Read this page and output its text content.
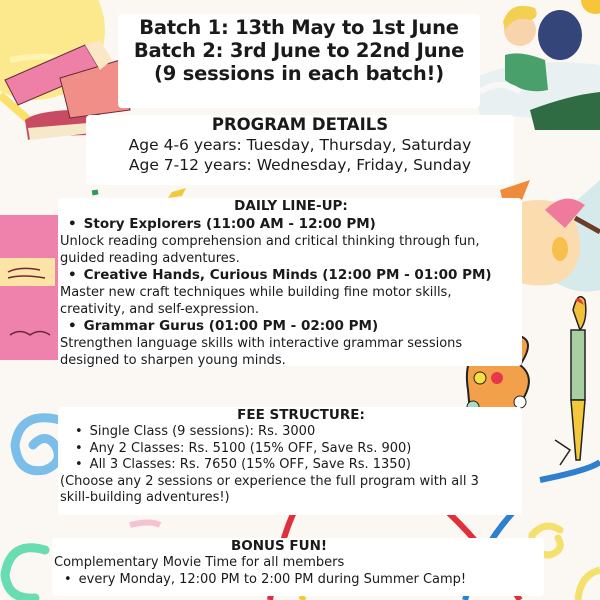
Batch 1: 13th May to 1st June
Batch 2: 3rd June to 22nd June
(9 sessions in each batch!)
PROGRAM DETAILS
Age 4-6 years: Tuesday, Thursday, Saturday
Age 7-12 years: Wednesday, Friday, Sunday
DAILY LINE-UP:
• Story Explorers (11:00 AM - 12:00 PM)
Unlock reading comprehension and critical thinking through fun,
guided reading adventures.
• Creative Hands, Curious Minds (12:00 PM - 01:00 PM)
Master new craft techniques while building fine motor skills,
creativity, and self-expression.
• Grammar Gurus (01:00 PM - 02:00 PM)
Strengthen language skills with interactive grammar sessions
designed to sharpen young minds.
FEE STRUCTURE:
• Single Class (9 sessions): Rs. 3000
• Any 2 Classes: Rs. 5100 (15% OFF, Save Rs. 900)
• All 3 Classes: Rs. 7650 (15% OFF, Save Rs. 1350)
(Choose any 2 sessions or experience the full program with all 3
skill-building adventures!)
BONUS FUN!
Complementary Movie Time for all members
• every Monday, 12:00 PM to 2:00 PM during Summer Camp!
